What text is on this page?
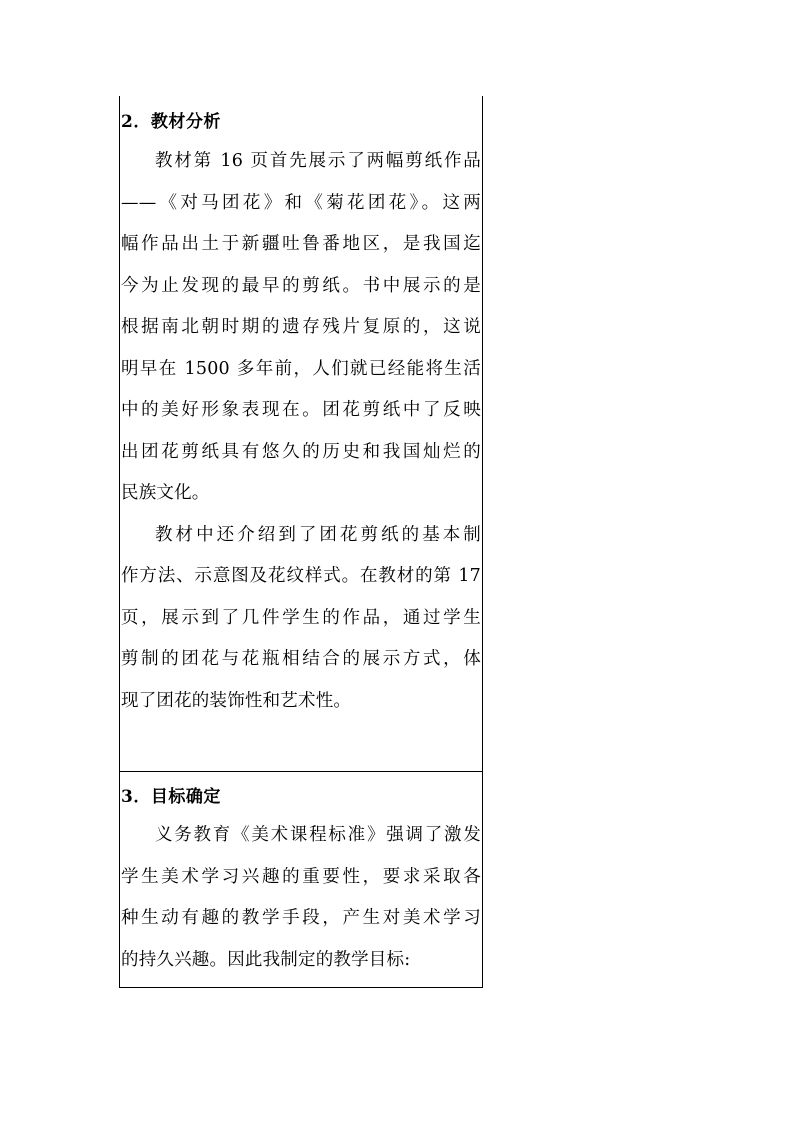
2．教材分析
教材第 16 页首先展示了两幅剪纸作品
——《对马团花》和《菊花团花》。这两
幅作品出土于新疆吐鲁番地区，是我国迄
今为止发现的最早的剪纸。书中展示的是
根据南北朝时期的遗存残片复原的，这说
明早在 1500 多年前，人们就已经能将生活
中的美好形象表现在。团花剪纸中了反映
出团花剪纸具有悠久的历史和我国灿烂的
民族文化。
教材中还介绍到了团花剪纸的基本制
作方法、示意图及花纹样式。在教材的第 17
页，展示到了几件学生的作品，通过学生
剪制的团花与花瓶相结合的展示方式，体
现了团花的装饰性和艺术性。
3．目标确定
义务教育《美术课程标准》强调了激发
学生美术学习兴趣的重要性，要求采取各
种生动有趣的教学手段，产生对美术学习
的持久兴趣。因此我制定的教学目标:
